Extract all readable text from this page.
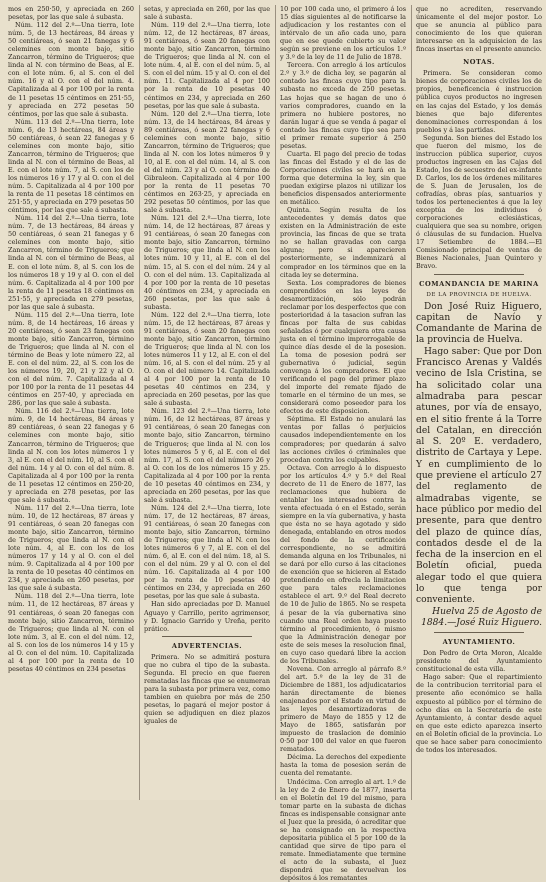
mos en 250·50, y apreciada en 260 pesetas, por las que sale á subasta.

Núm. 112 del 2.º—Una tierra, lote núm. 5, de 13 hectáreas, 84 áreas y 50 centiáreas, ó sean 21 fanegas y 6 celemines con monte bajo, sitio Zancarron, término de Trigueros; que linda al N. con término de Beas, al E. con el lote núm. 6, al S. con el del núm. 16 y al O. con el del núm. 4. Capitalizada al 4 por 100 por la renta de 11 pesetas 15 céntimos en 251·55, y apreciada en 272 pesetas 50 céntimos, por las que sale á subasta.

Núm. 113 del 2.º—Una tierra, lote núm. 6, de 13 hectáreas, 84 áreas y 50 centiáreas, ó sean 22 fanegas y 6 celemines con monte bajo, sitio Zancarron, término de Trigueros; que linda al N. con el término de Beas, al E. con el lote núm. 7, al S. con los de los números 16 y 17 y al O. con el del núm. 5. Capitalizada al 4 por 100 por la renta de 11 pesetas 18 céntimos en 251·55, y apreciada en 279 pesetas 50 céntimos, por las que sale á subasta.

Núm. 114 del 2.º—Una tierra, lote núm. 7, de 13 hectáreas, 84 áreas y 50 centiáreas, ó sean 21 fanegas y 6 celemines con monte bajo, sitio Zancarron, término de Trigueros; que linda al N. con el término de Beas, al E. con el lote núm. 8, al S. con los de los números 18 y 19 y al O. con el del núm. 6. Capitalizada al 4 por 100 por la renta de 11 pesetas 18 céntimos en 251·55, y apreciada en 279 pesetas, por las que sale á subasta.

Núm. 115 del 2.º—Una tierra, lote núm. 8, de 14 hectáreas, 16 áreas y 20 centiáreas, ó sean 23 fanegas con monte bajo, sitio Zancarron, término de Trigueros; que linda al N. con el término de Beas y lote número 22, al E. con el del núm. 22, al S. con los de los números 19, 20, 21 y 22 y al O. con el del núm. 7. Capitalizada al 4 por 100 por la renta de 11 pesetas 44 céntimos en 257·40, y apreciada en 286, por las que sale á subasta.

Núm. 116 del 2.º—Una tierra, lote núm. 9, de 14 hectáreas, 84 áreas y 89 centiáreas, ó sean 22 fanegas y 6 celemines con monte bajo, sitio Zancarron, término de Trigueros; que linda al N. con los lotes números 1 y 3, al E. con el del núm. 10, al S. con el del núm. 14 y al O. con el del núm. 8. Capitalizada al 4 por 100 por la renta de 11 pesetas 12 céntimos en 250·20, y apreciada en 278 pesetas, por las que sale á subasta.

Núm. 117 del 2.º—Una tierra, lote núm. 10, de 12 hectáreas, 87 áreas y 91 centiáreas, ó sean 20 fanegas con monte bajo, sitio Zancarron, término de Trigueros; que linda al N. con el lote núm. 4, al E. con los de los números 17 y 14 y al O. con el del núm. 9. Capitalizada al 4 por 100 por la renta de 10 pesetas 40 céntimos en 234, y apreciada en 260 pesetas, por las que sale á subasta.

Núm. 118 del 2.º—Una tierra, lote núm. 11, de 12 hectáreas, 87 áreas y 91 centiáreas, ó sean 20 fanegas con monte bajo, sitio Zancarron, término de Trigueros; que linda al N. con el lote núm. 3, al E. con el del núm. 12, al S. con los de los números 14 y 15 y al O. con el del núm. 10. Capitalizada al 4 por 100 por la renta de 10 pesetas 40 céntimos en 234 pesetas

setas, y apreciada en 260, por las que sale á subasta.

Núm. 119 del 2.º—Una tierra, lote núm. 12, de 12 hectáreas, 87 áreas, 91 centiáreas, ó sean 20 fanegas con monte bajo, sitio Zancarron, término de Trigueros; que linda al N. con el lote núm. 4, al E. con el del núm. 5, al S. con el del núm. 15 y al O. con el del núm. 11. Capitalizada al 4 por 100 por la renta de 10 pesetas 40 céntimos en 234, y apreciada en 260 pesetas, por las que sale á subasta.

Núm. 120 del 2.º—Una tierra, lote núm. 13, de 14 hectáreas, 84 áreas y 89 centiáreas, ó sean 22 fanegas y 6 celemines con monte bajo, sitio Zancarron, término de Trigueros; que linda al N. con los lotes números 9 y 10, al E. con el del núm. 14, al S. con el del núm. 23 y al O. con término de Gibraleon. Capitalizada al 4 por 100 por la renta de 11 pesetas 70 céntimos en 263·25, y apreciada en 292 pesetas 50 céntimos, por las que sale á subasta.

Núm. 121 del 2.º—Una tierra, lote núm. 14, de 12 hectáreas, 87 áreas y 91 centiáreas, ó sean 20 fanegas con monte bajo, sitio Zancarron, término de Trigueros; que linda al N. con los lotes núm. 10 y 11, al E. con el del núm. 15, al S. con el del núm. 24 y al O. con el del núm. 13. Capitalizada al 4 por 100 por la renta de 10 pesetas 40 céntimos en 234, y apreciada en 260 pesetas, por las que sale á subasta.

Núm. 122 del 2.º—Una tierra, lote núm. 15, de 12 hectáreas, 87 áreas y 91 centiáreas, ó sean 20 fanegas con monte bajo, sitio Zancarron, término de Trigueros; que linda al N. con los lotes números 11 y 12, al E. con el del núm. 16, al S. con el del núm. 25 y al O. con el del número 14. Capitalizada al 4 por 100 por la renta de 10 pesetas 40 céntimos en 234, y apreciada en 260 pesetas, por las que sale á subasta.

Núm. 123 del 2.º—Una tierra, lote núm. 16, de 12 hectáreas, 87 áreas y 91 centiáreas, ó sean 20 fanegas con monte bajo, sitio Zancarron, término de Trigueros; que linda al N. con los lotes números 5 y 6, al E. con el del núm. 17, al S. con el del número 26 y al O. con los de los números 15 y 25. Capitalizada al 4 por 100 por la renta de 10 pesetas 40 céntimos en 234, y apreciada en 260 pesetas, por las que sale á subasta.

Núm. 124 del 2.º—Una tierra, lote núm. 17, de 12 hectáreas, 87 áreas, 91 centiáreas, ó sean 20 fanegas con monte bajo, sitio Zancarron, término de Trigueros; que linda al N. con los lotes números 6 y 7, al E. con el del núm. 6, al E. con el del núm. 18, al S. con el del núm. 29 y al O. con el del núm. 16. Capitalizada al 4 por 100 por la renta de 10 pesetas 40 céntimos en 234, y apreciada en 260 pesetas, por las que sale á subasta.

Han sido apreciadas por D. Manuel Aguayo y Carrillo, perito agrimensor, y D. Ignacio Garrido y Ureña, perito prático.

ADVERTENCIAS.

Primera. No se admitirá postura que no cubra el tipo de la subasta. Segunda. El precio en que fueren rematadas las fincas que se enumeran para la subasta por primera vez, como tambien en quiebra por más de 250 pesetas, lo pagará el mejor postor á quien se adjudiquen en diez plazos iguales de

10 por 100 cada uno, el primero á los 15 días siguientes al de notificarse la adjudicacion y los restantes con el intérvalo de un año cada uno, para que en ese quede cubierto su valor según se previene en los artículos 1.º y 3.º de la ley de 11 de Julio de 1878.

Tercera. Con arreglo á los artículos 2.º y 3.º de dicha ley, se pagarán al contado las fincas cuyo tipo para la subasta no exceda de 250 pesetas. Las hojas que se hagan de uno ó varios compradores, cuando en la primera no hubiere postores, no darán lugar á que se venda á pagar el contado las fincas cuyo tipo sea para el primer remate superior á 250 pesetas.

Cuarta. El pago del precio de todas las fincas del Estado y el de las de Corporaciones civiles se hará en la forma que determina la ley, sin que puedan exigirse plazos ni utilizar los beneficios dispensados anteriormente en metálico.

Quinta. Según resulta de los antecedentes y demás datos que existen en la Administración de este provincia, las fincas de que se trata no se hallan gravadas con carga alguna; pero si aparecieren posteriormente, se indemnizará al comprador en los términos que en la citada ley se determina.

Sexta. Los compradores de bienes comprendidos en las leyes de desamortización, sólo podrán reclamar por los desperfectos que con posterioridad á la tasacion sufran las fincas por falta de sus cabidas señaladas ó por cualquiera otra causa justa en el término improrrogable de quince días desde el de la posesion. La toma de posesion podrá ser gubernativa ó judicial, según convenga á los compradores. El que verificando el pago del primer plazo del importe del remate fijado de tomarle en el término de un mes, se considerará como poseedor para los efectos de este disposicion.

Séptima. El Estado no anulará las ventas por fallas ó perjuicios causados independientemente en los compradores; por quedarán á salvo las acciones civiles ó criminales que procedan contra los culpables.

Octava. Con arreglo á lo dispuesto por los artículos 4.º y 5.º del Real decreto de 11 de Enero de 1877, las reclamaciones que hubiera de entablar los interesados contra la venta efectuada ó en el Estado, serán siempre en la vía gubernativa, y hasta que ésta no se haya agotado y sido denegada, entablando en otros modos del fondo de la certificación correspondiente, no se admitirá demanda alguna en los Tribunales, ni se dará por ello curso á las citaciones de exención que se hicieren al Estado pretendiendo en ofrecla la limitacion que para tales reclamaciones establece el art. 9.º del Real decreto de 10 de Julio de 1865. No se respeta á pesar de la vía gubernativa sino cuando una Real orden haya puesto término al procedimiento, ó mismo que la Administración denegar por este de seis meses la resolucion final, en cuyo caso quedará libre la accion de los Tribunales.

Novena. Con arreglo al párrafo 8.º del art. 5.º de la ley de 31 de Diciembre de 1881, los adjudicatarios harán directamente de bienes enajenados por el Estado en virtud de las leyes desamortizadoras de primero de Mayo de 1855 y 12 de Mayo de 1865, satisfarán por impuesto de traslacion de dominio 0·50 por 100 del valor en que fueron rematados.

Décima. La derechos del expediente hasta la toma de posesion serán de cuenta del rematante.

Undécima. Con arreglo al art. 1.º de la ley de 2 de Enero de 1877, inserta en el Boletín del 19 del mismo, para tomar parte en la subasta de dichas fincas es indispensable consignar ante el Juez que la presida, ó acreditar que se ha consignado en la respectiva depositaria pública el 5 por 100 de la cantidad que sirve de tipo para el remate. Inmediatamente que termine el acto de la subasta, el Juez dispondrá que se devuelvan los depósitos á los rematantes

que no acrediten, reservando únicamente el del mejor postor. Lo que se anuncia al público para conocimiento de los que quieran interesarse en la adquisicion de las fincas insertas en el presente anuncio.

NOTAS.

Primera. Se consideran como bienes de corporaciones civiles los de propios, beneficencia é instruccion pública cuyos productos no ingresen en las cajas del Estado, y los demás bienes que bajo diferentes denominaciones correspondan á los pueblos y á las partidas.

Segunda. Son bienes del Estado los que fueron del mismo, los de instruccion pública superior, cuyos productos ingresen en las Cajas del Estado, los de secuestro del ex-infante D. Carlos, los de los órdenes militares de S. Juan de Jerusalen, los de cofradías, obras pías, santuarios y todos los pertenecientes á que la ley exceptúa de los individuos ó corporaciones eclesiásticas, cualquiera que sea su nombre, origen ó cláusulas de su fundacion. Huelva 17 Setiembre de 1884.—El Comisionado principal de ventas de Bienes Nacionales, Juan Quintero y Bravo.

COMANDANCIA DE MARINA
DE LA PROVINCIA DE HUELVA.

Don José Ruiz Higuero, capitan de Navío y Comandante de Marina de la provincia de Huelva.

Hago saber: Que por Don Francisco Arenas y Valdés vecino de Isla Cristina, se ha solicitado colar una almadraba para pescar atunes, por vía de ensayo, en el sitio frente á la Torre del Catalan, en dirección al S. 20º E. verdadero, distrito de Cartaya y Lepe. Y en cumplimiento de lo que previene el artículo 27 del reglamento de almadrabas vigente, se hace público por medio del presente, para que dentro del plazo de quince días, contados desde el de la fecha de la insercion en el Boletín oficial, pueda alegar todo el que quiera lo que tenga por conveniente.

Huelva 25 de Agosto de 1884.—José Ruiz Higuero.

AYUNTAMIENTO.

Don Pedro de Orta Moron, Alcalde presidente del Ayuntamiento constitucional de esta villa.

Hago saber: Que el repartimiento de la contribucion territorial para el presente año económico se halla expuesto al público por el término de ocho días en la Secretaría de este Ayuntamiento, á contar desde aquel en que este edicto aparezca inserto en el Boletín oficial de la provincia. Lo que se hace saber para conocimiento de todos los interesados.
